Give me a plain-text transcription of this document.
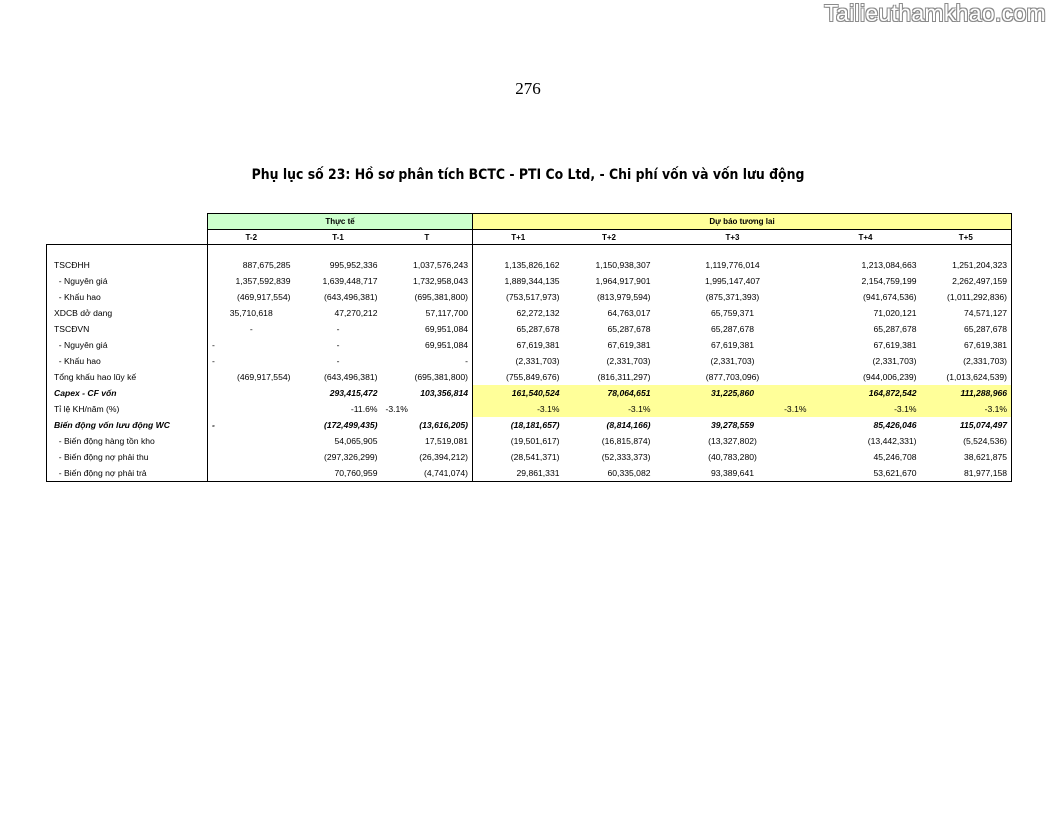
Tailieuthamkhao.com
276
Phụ lục số 23: Hồ sơ phân tích BCTC - PTI Co Ltd, - Chi phí vốn và vốn lưu động
	Thực tế			Dự báo tương lai					
	T-2	T-1	T	T+1	T+2	T+3		T+4	T+5

TSCĐHH	887,675,285	995,952,336	1,037,576,243	1,135,826,162	1,150,938,307	1,119,776,014		1,213,084,663	1,251,204,323
- Nguyên giá	1,357,592,839	1,639,448,717	1,732,958,043	1,889,344,135	1,964,917,901	1,995,147,407		2,154,759,199	2,262,497,159
- Khấu hao	(469,917,554)	(643,496,381)	(695,381,800)	(753,517,973)	(813,979,594)	(875,371,393)		(941,674,536)	(1,011,292,836)
XDCB dở dang	35,710,618	47,270,212	57,117,700	62,272,132	64,763,017	65,759,371		71,020,121	74,571,127
TSCĐVN	-	-	69,951,084	65,287,678	65,287,678	65,287,678		65,287,678	65,287,678
- Nguyên giá	-	-	69,951,084	67,619,381	67,619,381	67,619,381		67,619,381	67,619,381
- Khấu hao	-	-	-	(2,331,703)	(2,331,703)	(2,331,703)		(2,331,703)	(2,331,703)
Tổng khấu hao lũy kế	(469,917,554)	(643,496,381)	(695,381,800)	(755,849,676)	(816,311,297)	(877,703,096)		(944,006,239)	(1,013,624,539)
Capex - CF vốn		293,415,472	103,356,814	161,540,524	78,064,651	31,225,860		164,872,542	111,288,966
Tỉ lệ KH/năm (%)		-11.6%	-3.1%	-3.1%	-3.1%		-3.1%	-3.1%	-3.1%
Biến động vốn lưu động WC	-	(172,499,435)	(13,616,205)	(18,181,657)	(8,814,166)	39,278,559		85,426,046	115,074,497
- Biến động hàng tồn kho		54,065,905	17,519,081	(19,501,617)	(16,815,874)	(13,327,802)		(13,442,331)	(5,524,536)
- Biến động nợ phải thu		(297,326,299)	(26,394,212)	(28,541,371)	(52,333,373)	(40,783,280)		45,246,708	38,621,875
- Biến động nợ phải trả		70,760,959	(4,741,074)	29,861,331	60,335,082	93,389,641		53,621,670	81,977,158
